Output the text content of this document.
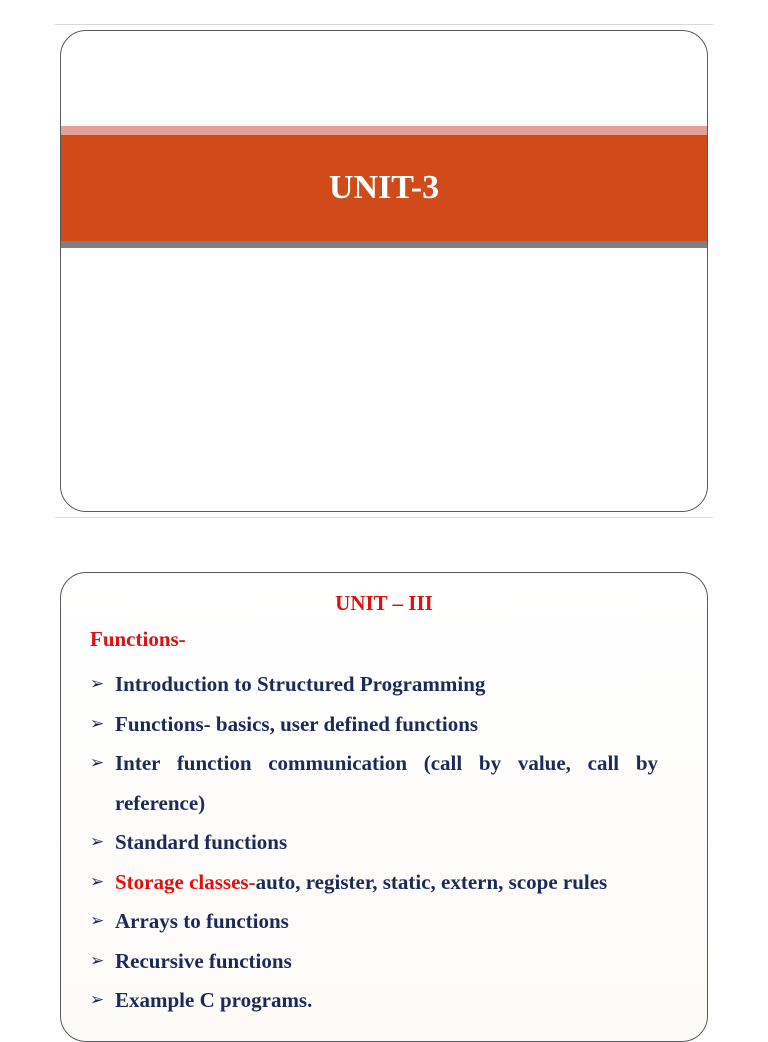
UNIT-3
UNIT – III
Functions-
➢ Introduction to Structured Programming
➢ Functions- basics, user defined functions
➢ Inter function communication (call by value, call by reference)
➢ Standard functions
➢ Storage classes-auto, register, static, extern, scope rules
➢ Arrays to functions
➢ Recursive functions
➢ Example C programs.
